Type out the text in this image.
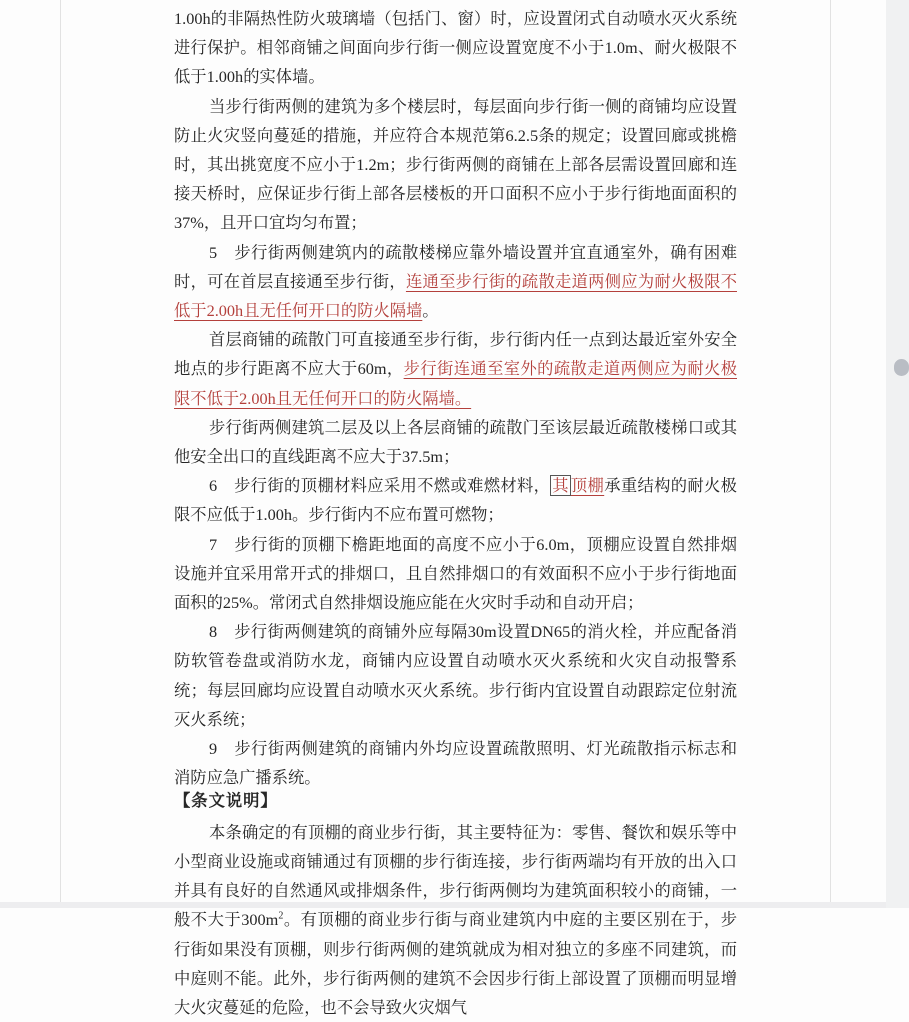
1.00h的非隔热性防火玻璃墙（包括门、窗）时，应设置闭式自动喷水灭火系统进行保护。相邻商铺之间面向步行街一侧应设置宽度不小于1.0m、耐火极限不低于1.00h的实体墙。
当步行街两侧的建筑为多个楼层时，每层面向步行街一侧的商铺均应设置防止火灾竖向蔓延的措施，并应符合本规范第6.2.5条的规定；设置回廊或挑檐时，其出挑宽度不应小于1.2m；步行街两侧的商铺在上部各层需设置回廊和连接天桥时，应保证步行街上部各层楼板的开口面积不应小于步行街地面面积的37%，且开口宜均匀布置；
5　步行街两侧建筑内的疏散楼梯应靠外墙设置并宜直通室外，确有困难时，可在首层直接通至步行街，连通至步行街的疏散走道两侧应为耐火极限不低于2.00h且无任何开口的防火隔墙。
首层商铺的疏散门可直接通至步行街，步行街内任一点到达最近室外安全地点的步行距离不应大于60m，步行街连通至室外的疏散走道两侧应为耐火极限不低于2.00h且无任何开口的防火隔墙。
步行街两侧建筑二层及以上各层商铺的疏散门至该层最近疏散楼梯口或其他安全出口的直线距离不应大于37.5m；
6　步行街的顶棚材料应采用不燃或难燃材料， 其 顶棚承重结构的耐火极限不应低于1.00h。步行街内不应布置可燃物；
7　步行街的顶棚下檐距地面的高度不应小于6.0m，顶棚应设置自然排烟设施并宜采用常开式的排烟口，且自然排烟口的有效面积不应小于步行街地面面积的25%。常闭式自然排烟设施应能在火灾时手动和自动开启；
8　步行街两侧建筑的商铺外应每隔30m设置DN65的消火栓，并应配备消防软管卷盘或消防水龙，商铺内应设置自动喷水灭火系统和火灾自动报警系统；每层回廊均应设置自动喷水灭火系统。步行街内宜设置自动跟踪定位射流灭火系统；
9　步行街两侧建筑的商铺内外均应设置疏散照明、灯光疏散指示标志和消防应急广播系统。
【条文说明】
本条确定的有顶棚的商业步行街，其主要特征为：零售、餐饮和娱乐等中小型商业设施或商铺通过有顶棚的步行街连接，步行街两端均有开放的出入口并具有良好的自然通风或排烟条件，步行街两侧均为建筑面积较小的商铺，一般不大于$300m^2$。有顶棚的商业步行街与商业建筑内中庭的主要区别在于，步行街如果没有顶棚，则步行街两侧的建筑就成为相对独立的多座不同建筑，而中庭则不能。此外，步行街两侧的建筑不会因步行街上部设置了顶棚而明显增大火灾蔓延的危险，也不会导致火灾烟气
